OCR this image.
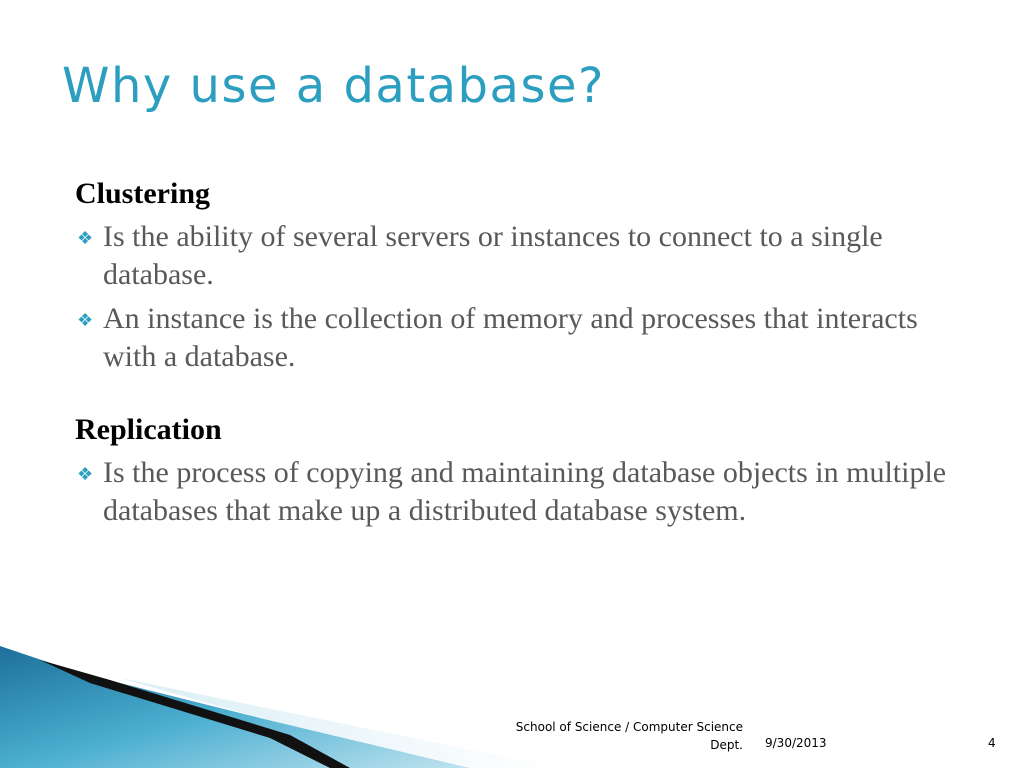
Why use a database?

Clustering

❖ Is the ability of several servers or instances to connect to a single database.
❖ An instance is the collection of memory and processes that interacts with a database.

Replication

❖ Is the process of copying and maintaining database objects in multiple databases that make up a distributed database system.
School of Science / Computer Science Dept. 9/30/2013	4
